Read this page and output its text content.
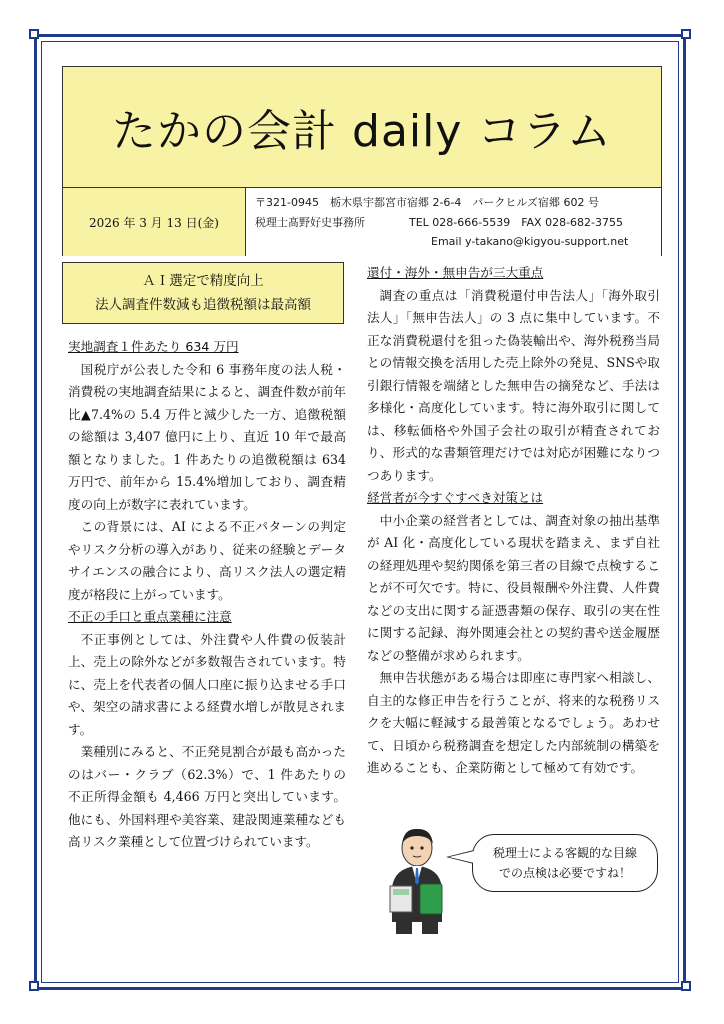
たかの会計 daily コラム
2026 年 3 月 13 日(金)
〒321-0945　栃木県宇都宮市宿郷 2-6-4　パークヒルズ宿郷 602 号
税理士髙野好史事務所　　　　TEL 028-666-5539　FAX 028-682-3755
Email y-takano@kigyou-support.net
ＡＩ選定で精度向上
法人調査件数減も追徴税額は最高額
実地調査１件あたり 634 万円
国税庁が公表した令和 6 事務年度の法人税・消費税の実地調査結果によると、調査件数が前年比▲7.4%の 5.4 万件と減少した一方、追徴税額の総額は 3,407 億円に上り、直近 10 年で最高額となりました。1 件あたりの追徴税額は 634 万円で、前年から 15.4%増加しており、調査精度の向上が数字に表れています。
この背景には、AI による不正パターンの判定やリスク分析の導入があり、従来の経験とデータサイエンスの融合により、高リスク法人の選定精度が格段に上がっています。
不正の手口と重点業種に注意
不正事例としては、外注費や人件費の仮装計上、売上の除外などが多数報告されています。特に、売上を代表者の個人口座に振り込ませる手口や、架空の請求書による経費水増しが散見されます。
業種別にみると、不正発見割合が最も高かったのはバー・クラブ（62.3%）で、1 件あたりの不正所得金額も 4,466 万円と突出しています。他にも、外国料理や美容業、建設関連業種なども高リスク業種として位置づけられています。
還付・海外・無申告が三大重点
調査の重点は「消費税還付申告法人」「海外取引法人」「無申告法人」の 3 点に集中しています。不正な消費税還付を狙った偽装輸出や、海外税務当局との情報交換を活用した売上除外の発見、SNSや取引銀行情報を端緒とした無申告の摘発など、手法は多様化・高度化しています。特に海外取引に関しては、移転価格や外国子会社の取引が精査されており、形式的な書類管理だけでは対応が困難になりつつあります。
経営者が今すぐすべき対策とは
中小企業の経営者としては、調査対象の抽出基準が AI 化・高度化している現状を踏まえ、まず自社の経理処理や契約関係を第三者の目線で点検することが不可欠です。特に、役員報酬や外注費、人件費などの支出に関する証憑書類の保存、取引の実在性に関する記録、海外関連会社との契約書や送金履歴などの整備が求められます。
無申告状態がある場合は即座に専門家へ相談し、自主的な修正申告を行うことが、将来的な税務リスクを大幅に軽減する最善策となるでしょう。あわせて、日頃から税務調査を想定した内部統制の構築を進めることも、企業防衛として極めて有効です。
税理士による客観的な目線
での点検は必要ですね！
